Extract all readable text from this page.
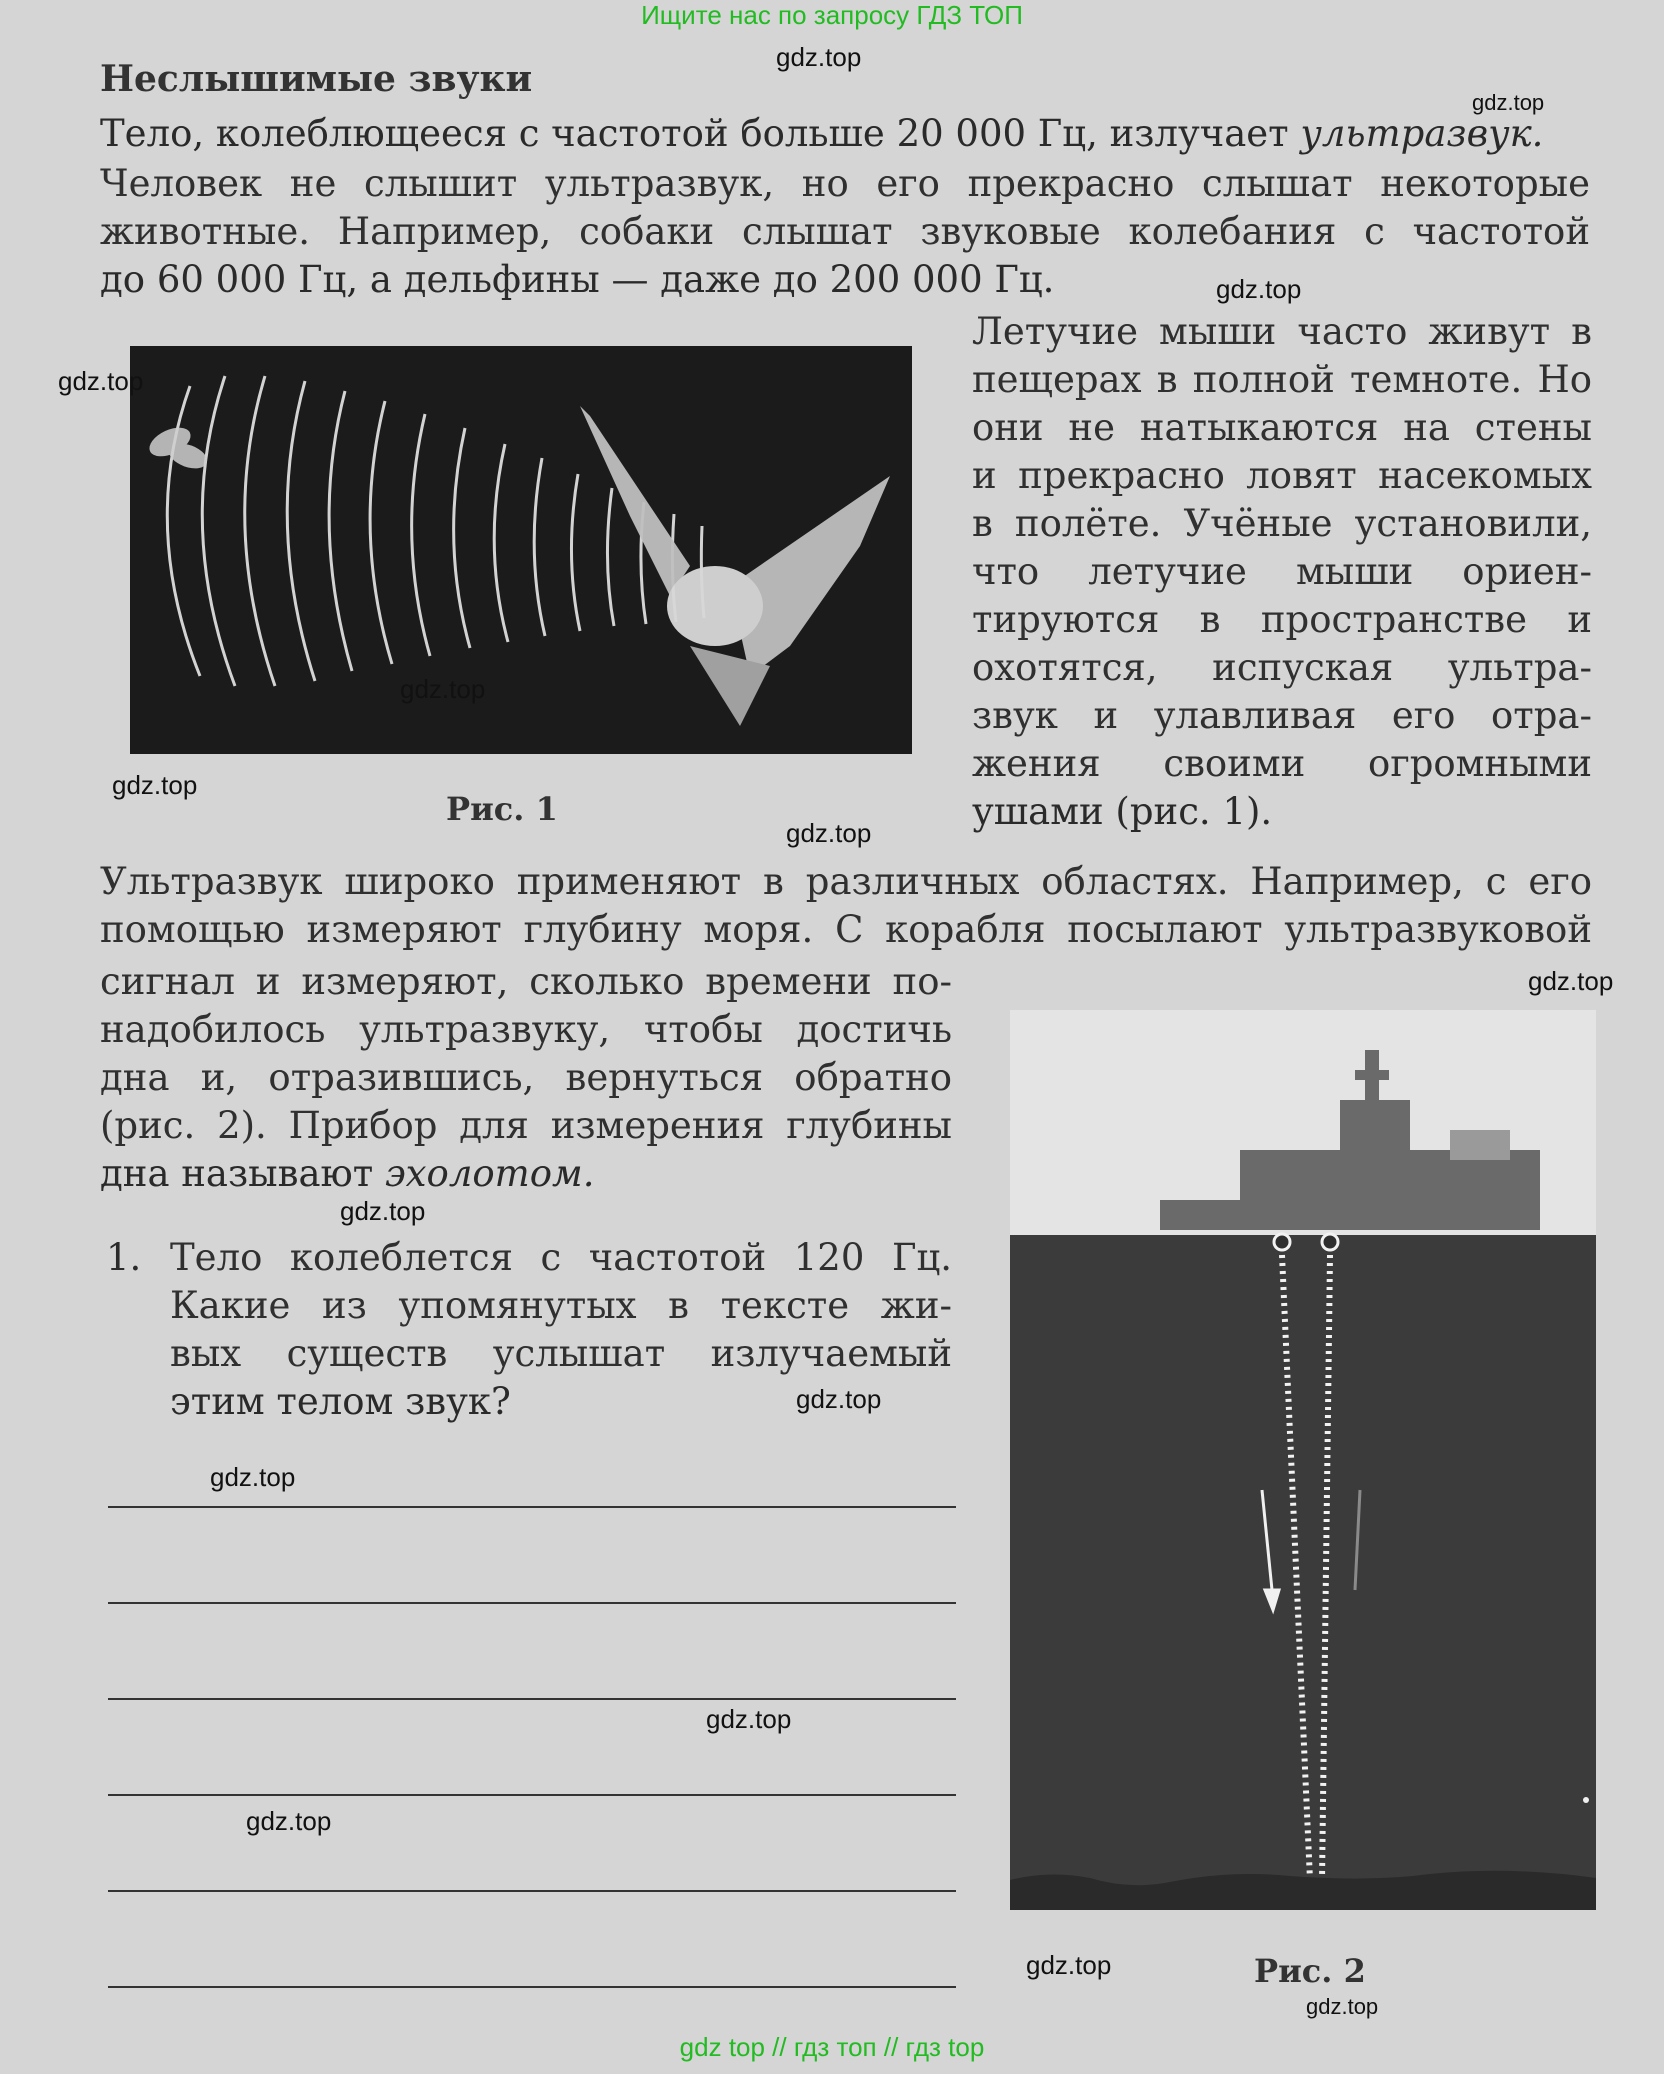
Ищите нас по запросу ГДЗ ТОП
Неслышимые звуки
Тело, колеблющееся с частотой больше 20 000 Гц, излучает ультразвук.
Человек не слышит ультразвук, но его прекрасно слышат некоторые
животные. Например, собаки слышат звуковые колебания с частотой
до 60 000 Гц, а дельфины — даже до 200 000 Гц.
Рис. 1
Летучие мыши часто живут в
пещерах в полной темноте. Но
они не натыкаются на стены
и прекрасно ловят насекомых
в полёте. Учёные установили,
что летучие мыши ориен-
тируются в пространстве и
охотятся, испуская ультра-
звук и улавливая его отра-
жения своими огромными
ушами (рис. 1).
Ультразвук широко применяют в различных областях. Например, с его
помощью измеряют глубину моря. С корабля посылают ультразвуковой
сигнал и измеряют, сколько времени по-
надобилось ультразвуку, чтобы достичь
дна и, отразившись, вернуться обратно
(рис. 2). Прибор для измерения глубины
дна называют эхолотом.
Рис. 2
1. Тело колеблется с частотой 120 Гц.
Какие из упомянутых в тексте жи-
вых существ услышат излучаемый
этим телом звук?
gdz.top
gdz.top
gdz.top
gdz.top
gdz.top
gdz.top
gdz.top
gdz.top
gdz.top
gdz.top
gdz.top
gdz.top
gdz.top
gdz.top
gdz.top
gdz top // гдз топ // гдз top
